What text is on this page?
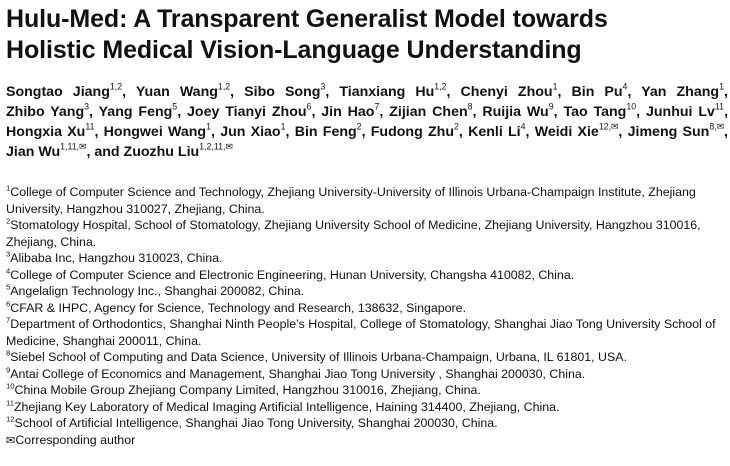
Hulu-Med: A Transparent Generalist Model towards
Holistic Medical Vision-Language Understanding
Songtao Jiang$^{1,2}$, Yuan Wang$^{1,2}$, Sibo Song$^3$, Tianxiang Hu$^{1,2}$, Chenyi Zhou$^1$, Bin Pu$^4$, Yan Zhang$^1$, Zhibo Yang$^3$, Yang Feng$^5$, Joey Tianyi Zhou$^6$, Jin Hao$^7$, Zijian Chen$^8$, Ruijia Wu$^9$, Tao Tang$^{10}$, Junhui Lv$^{11}$, Hongxia Xu$^{11}$, Hongwei Wang$^1$, Jun Xiao$^1$, Bin Feng$^2$, Fudong Zhu$^2$, Kenli Li$^4$, Weidi Xie$^{12,✉}$, Jimeng Sun$^{8,✉}$, Jian $Wu^{1,11,✉}$, and Zuozhu Liu$^{1,2,11,✉}$
$^1$College of Computer Science and Technology, Zhejiang University-University of Illinois Urbana-Champaign Institute, Zhejiang University, Hangzhou 310027, Zhejiang, China.
$^2$Stomatology Hospital, School of Stomatology, Zhejiang University School of Medicine, Zhejiang University, Hangzhou 310016, Zhejiang, China.
$^3$Alibaba Inc, Hangzhou 310023, China.
$^4$College of Computer Science and Electronic Engineering, Hunan University, Changsha 410082, China.
$^5$Angelalign Technology Inc., Shanghai 200082, China.
$^6$CFAR & IHPC, Agency for Science, Technology and Research, 138632, Singapore.
$^7$Department of Orthodontics, Shanghai Ninth People’s Hospital, College of Stomatology, Shanghai Jiao Tong University School of Medicine, Shanghai 200011, China.
$^8$Siebel School of Computing and Data Science, University of Illinois Urbana-Champaign, Urbana, IL 61801, USA.
$^9$Antai College of Economics and Management, Shanghai Jiao Tong University , Shanghai 200030, China.
$^{10}$China Mobile Group Zhejiang Company Limited, Hangzhou 310016, Zhejiang, China.
$^{11}$Zhejiang Key Laboratory of Medical Imaging Artificial Intelligence, Haining 314400, Zhejiang, China.
$^{12}$School of Artificial Intelligence, Shanghai Jiao Tong University, Shanghai 200030, China.
✉Corresponding author
